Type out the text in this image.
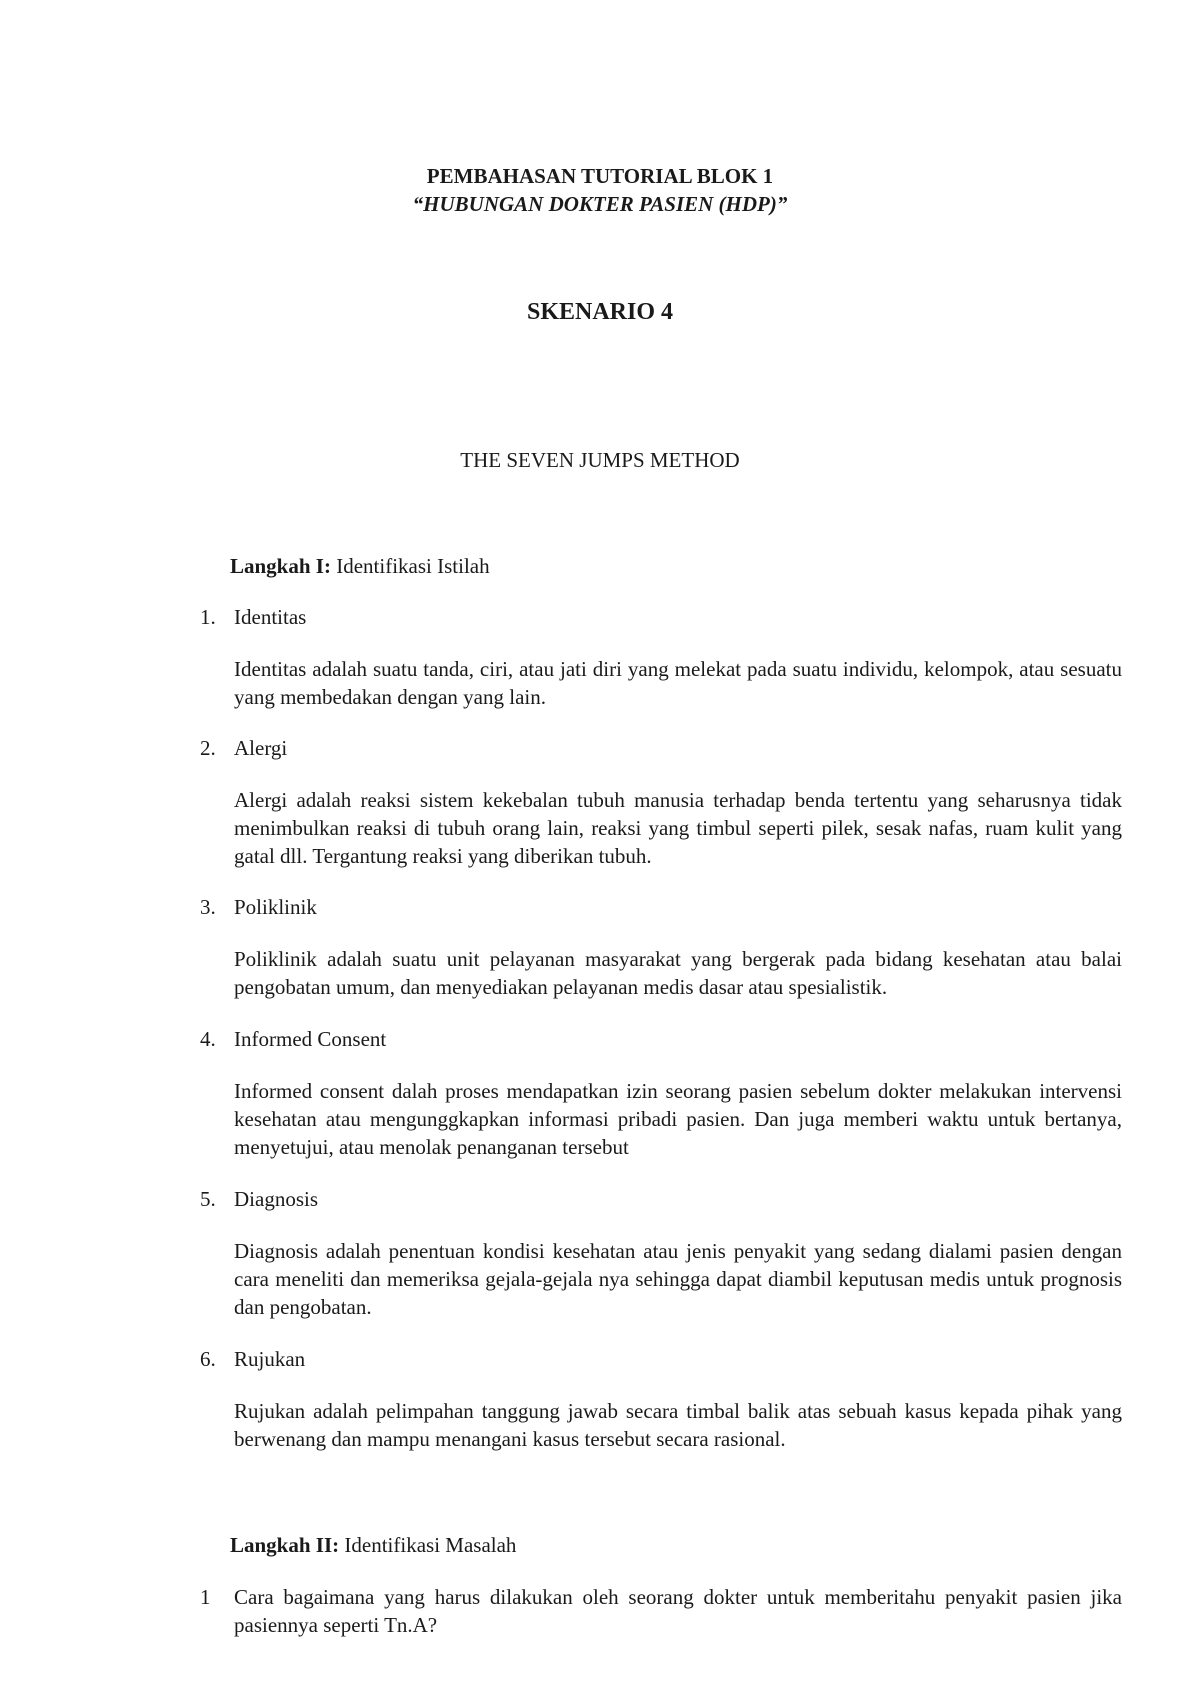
PEMBAHASAN TUTORIAL BLOK 1
“HUBUNGAN DOKTER PASIEN (HDP)”
SKENARIO 4
THE SEVEN JUMPS METHOD
Langkah I: Identifikasi Istilah
1. Identitas

Identitas adalah suatu tanda, ciri, atau jati diri yang melekat pada suatu individu, kelompok, atau sesuatu yang membedakan dengan yang lain.

2. Alergi

Alergi adalah reaksi sistem kekebalan tubuh manusia terhadap benda tertentu yang seharusnya tidak menimbulkan reaksi di tubuh orang lain, reaksi yang timbul seperti pilek, sesak nafas, ruam kulit yang gatal dll. Tergantung reaksi yang diberikan tubuh.

3. Poliklinik

Poliklinik adalah suatu unit pelayanan masyarakat yang bergerak pada bidang kesehatan atau balai pengobatan umum, dan menyediakan pelayanan medis dasar atau spesialistik.

4. Informed Consent

Informed consent dalah proses mendapatkan izin seorang pasien sebelum dokter melakukan intervensi kesehatan atau mengunggkapkan informasi pribadi pasien. Dan juga memberi waktu untuk bertanya, menyetujui, atau menolak penanganan tersebut

5. Diagnosis

Diagnosis adalah penentuan kondisi kesehatan atau jenis penyakit yang sedang dialami pasien dengan cara meneliti dan memeriksa gejala-gejala nya sehingga dapat diambil keputusan medis untuk prognosis dan pengobatan.

6. Rujukan

Rujukan adalah pelimpahan tanggung jawab secara timbal balik atas sebuah kasus kepada pihak yang berwenang dan mampu menangani kasus tersebut secara rasional.

Langkah II: Identifikasi Masalah
1 Cara bagaimana yang harus dilakukan oleh seorang dokter untuk memberitahu penyakit pasien jika pasiennya seperti Tn.A?
